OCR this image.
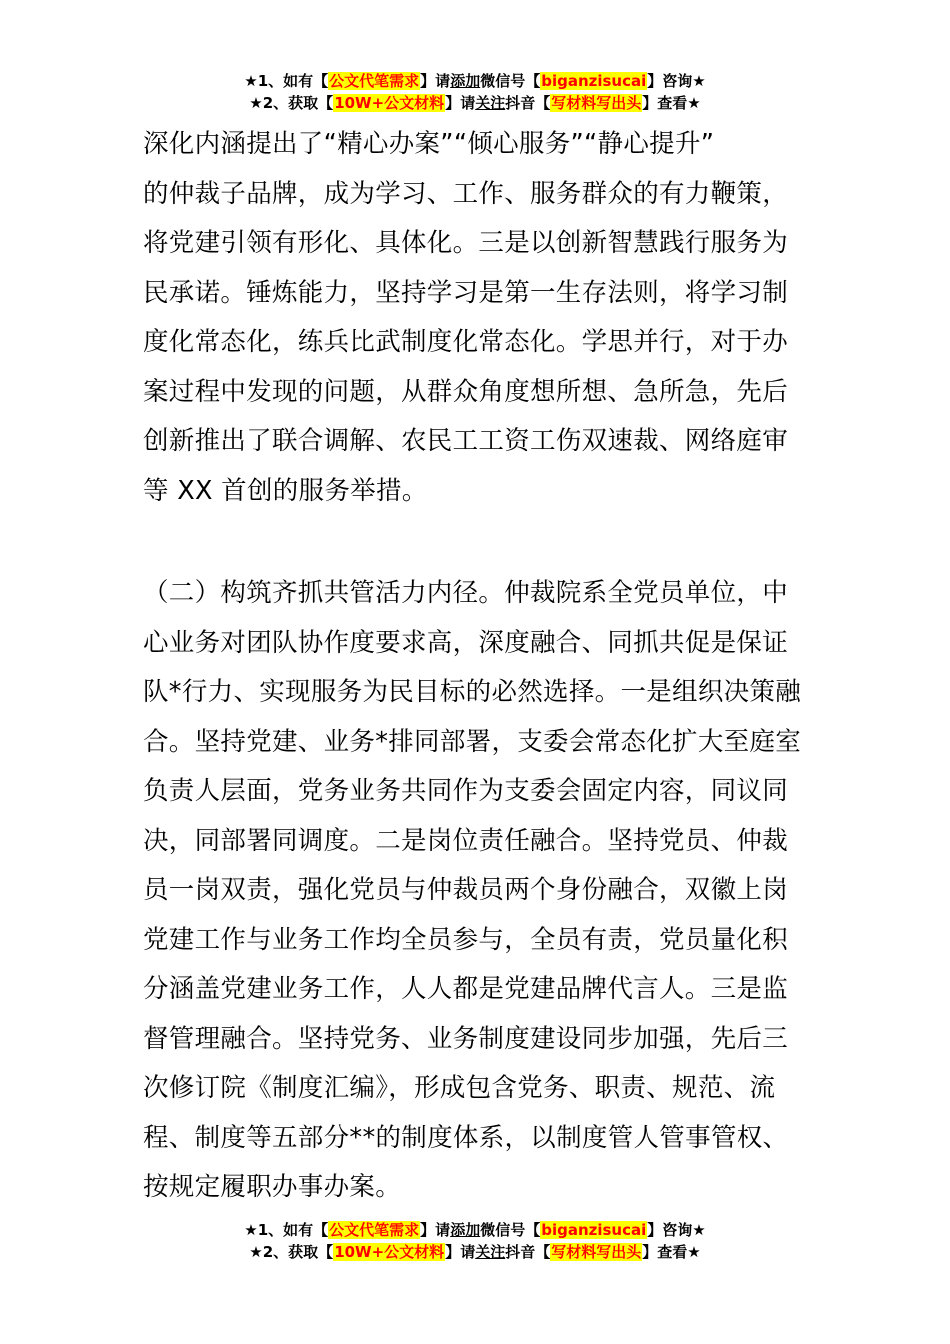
★1、如有【公文代笔需求】请添加微信号【biganzisucai】咨询★
★2、获取【10W+公文材料】请关注抖音【写材料写出头】查看★
深化内涵提出了“精心办案”“倾心服务”“静心提升”
的仲裁子品牌，成为学习、工作、服务群众的有力鞭策，
将党建引领有形化、具体化。三是以创新智慧践行服务为
民承诺。锤炼能力，坚持学习是第一生存法则，将学习制
度化常态化，练兵比武制度化常态化。学思并行，对于办
案过程中发现的问题，从群众角度想所想、急所急，先后
创新推出了联合调解、农民工工资工伤双速裁、网络庭审
等 XX 首创的服务举措。
（二）构筑齐抓共管活力内径。仲裁院系全党员单位，中
心业务对团队协作度要求高，深度融合、同抓共促是保证
队*行力、实现服务为民目标的必然选择。一是组织决策融
合。坚持党建、业务*排同部署，支委会常态化扩大至庭室
负责人层面，党务业务共同作为支委会固定内容，同议同
决，同部署同调度。二是岗位责任融合。坚持党员、仲裁
员一岗双责，强化党员与仲裁员两个身份融合，双徽上岗
党建工作与业务工作均全员参与，全员有责，党员量化积
分涵盖党建业务工作，人人都是党建品牌代言人。三是监
督管理融合。坚持党务、业务制度建设同步加强，先后三
次修订院《制度汇编》，形成包含党务、职责、规范、流
程、制度等五部分**的制度体系，以制度管人管事管权、
按规定履职办事办案。
★1、如有【公文代笔需求】请添加微信号【biganzisucai】咨询★
★2、获取【10W+公文材料】请关注抖音【写材料写出头】查看★
